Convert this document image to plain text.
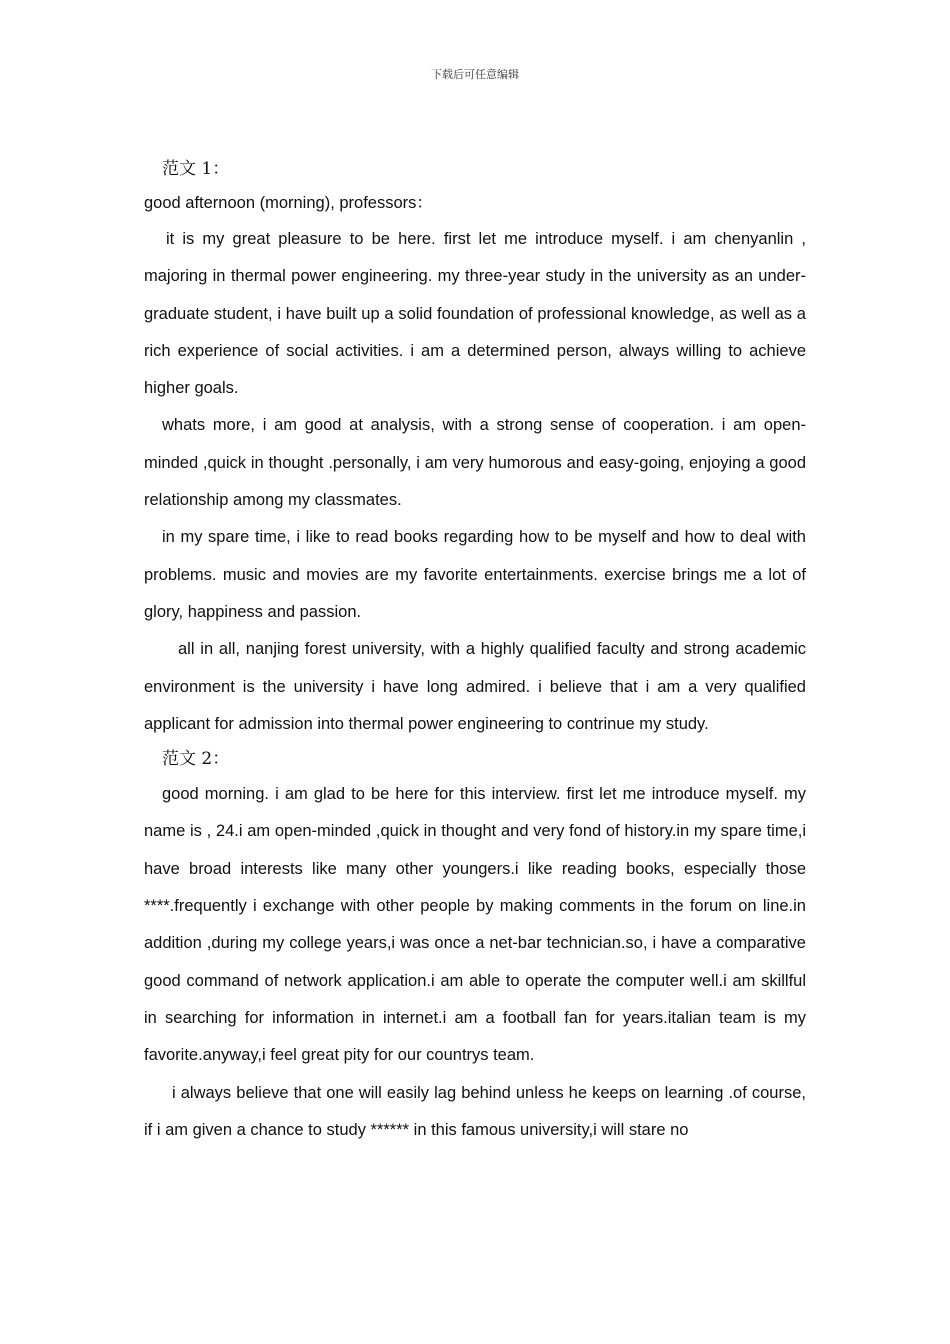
下载后可任意编辑
范文 1：
good afternoon (morning), professors：
it is my great pleasure to be here. first let me introduce myself. i am chenyanlin , majoring in thermal power engineering. my three-year study in the university as an under-graduate student, i have built up a solid foundation of professional knowledge, as well as a rich experience of social activities. i am a determined person, always willing to achieve higher goals.
whats more, i am good at analysis, with a strong sense of cooperation. i am open-minded ,quick in thought .personally, i am very humorous and easy-going, enjoying a good relationship among my classmates.
in my spare time, i like to read books regarding how to be myself and how to deal with problems. music and movies are my favorite entertainments. exercise brings me a lot of glory, happiness and passion.
all in all, nanjing forest university, with a highly qualified faculty and strong academic environment is the university i have long admired. i believe that i am a very qualified applicant for admission into thermal power engineering to contrinue my study.
范文 2：
good morning. i am glad to be here for this interview. first let me introduce myself. my name is , 24.i am open-minded ,quick in thought and very fond of history.in my spare time,i have broad interests like many other youngers.i like reading books, especially those ****.frequently i exchange with other people by making comments in the forum on line.in addition ,during my college years,i was once a net-bar technician.so, i have a comparative good command of network application.i am able to operate the computer well.i am skillful in searching for information in internet.i am a football fan for years.italian team is my favorite.anyway,i feel great pity for our countrys team.
i always believe that one will easily lag behind unless he keeps on learning .of course, if i am given a chance to study ****** in this famous university,i will stare no
